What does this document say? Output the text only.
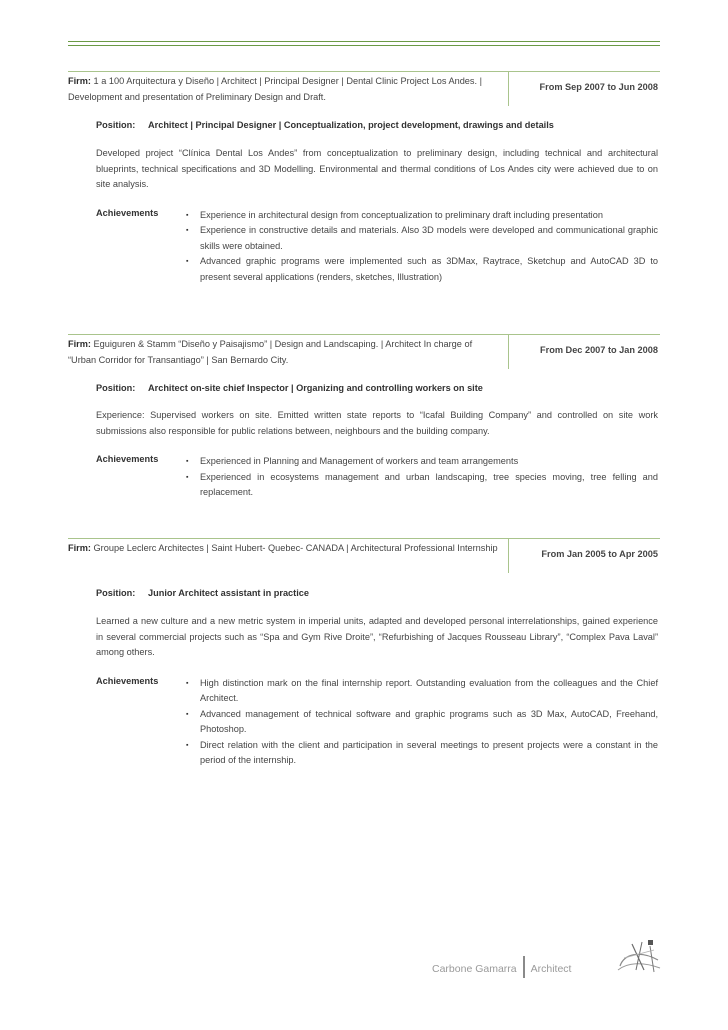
Firm: 1 a 100 Arquitectura y Diseño | Architect | Principal Designer | Dental Clinic Project Los Andes. | Development and presentation of Preliminary Design and Draft.
From Sep 2007 to Jun 2008
Position: Architect | Principal Designer | Conceptualization, project development, drawings and details
Developed project “Clínica Dental Los Andes” from conceptualization to preliminary design, including technical and architectural blueprints, technical specifications and 3D Modelling. Environmental and thermal conditions of Los Andes city were achieved due to on site analysis.
Achievements	▪ Experience in architectural design from conceptualization to preliminary draft including presentation
▪ Experience in constructive details and materials. Also 3D models were developed and communicational graphic skills were obtained.
▪ Advanced graphic programs were implemented such as 3DMax, Raytrace, Sketchup and AutoCAD 3D to present several applications (renders, sketches, Illustration)
Firm: Eguiguren & Stamm “Diseño y Paisajismo” | Design and Landscaping. | Architect In charge of “Urban Corridor for Transantiago” | San Bernardo City.
From Dec 2007 to Jan 2008
Position: Architect on-site chief Inspector | Organizing and controlling workers on site
Experience: Supervised workers on site. Emitted written state reports to “Icafal Building Company” and controlled on site work submissions also responsible for public relations between, neighbours and the building company.
Achievements	▪ Experienced in Planning and Management of workers and team arrangements
▪ Experienced in ecosystems management and urban landscaping, tree species moving, tree felling and replacement.
Firm: Groupe Leclerc Architectes | Saint Hubert- Quebec- CANADA | Architectural Professional Internship
From Jan 2005 to Apr 2005
Position: Junior Architect assistant in practice
Learned a new culture and a new metric system in imperial units, adapted and developed personal interrelationships, gained experience in several commercial projects such as “Spa and Gym Rive Droite”, “Refurbishing of Jacques Rousseau Library”, “Complex Pava Laval” among others.
Achievements	▪ High distinction mark on the final internship report. Outstanding evaluation from the colleagues and the Chief Architect.
▪ Advanced management of technical software and graphic programs such as 3D Max, AutoCAD, Freehand, Photoshop.
▪ Direct relation with the client and participation in several meetings to present projects were a constant in the period of the internship.
Carbone Gamarra Architect
